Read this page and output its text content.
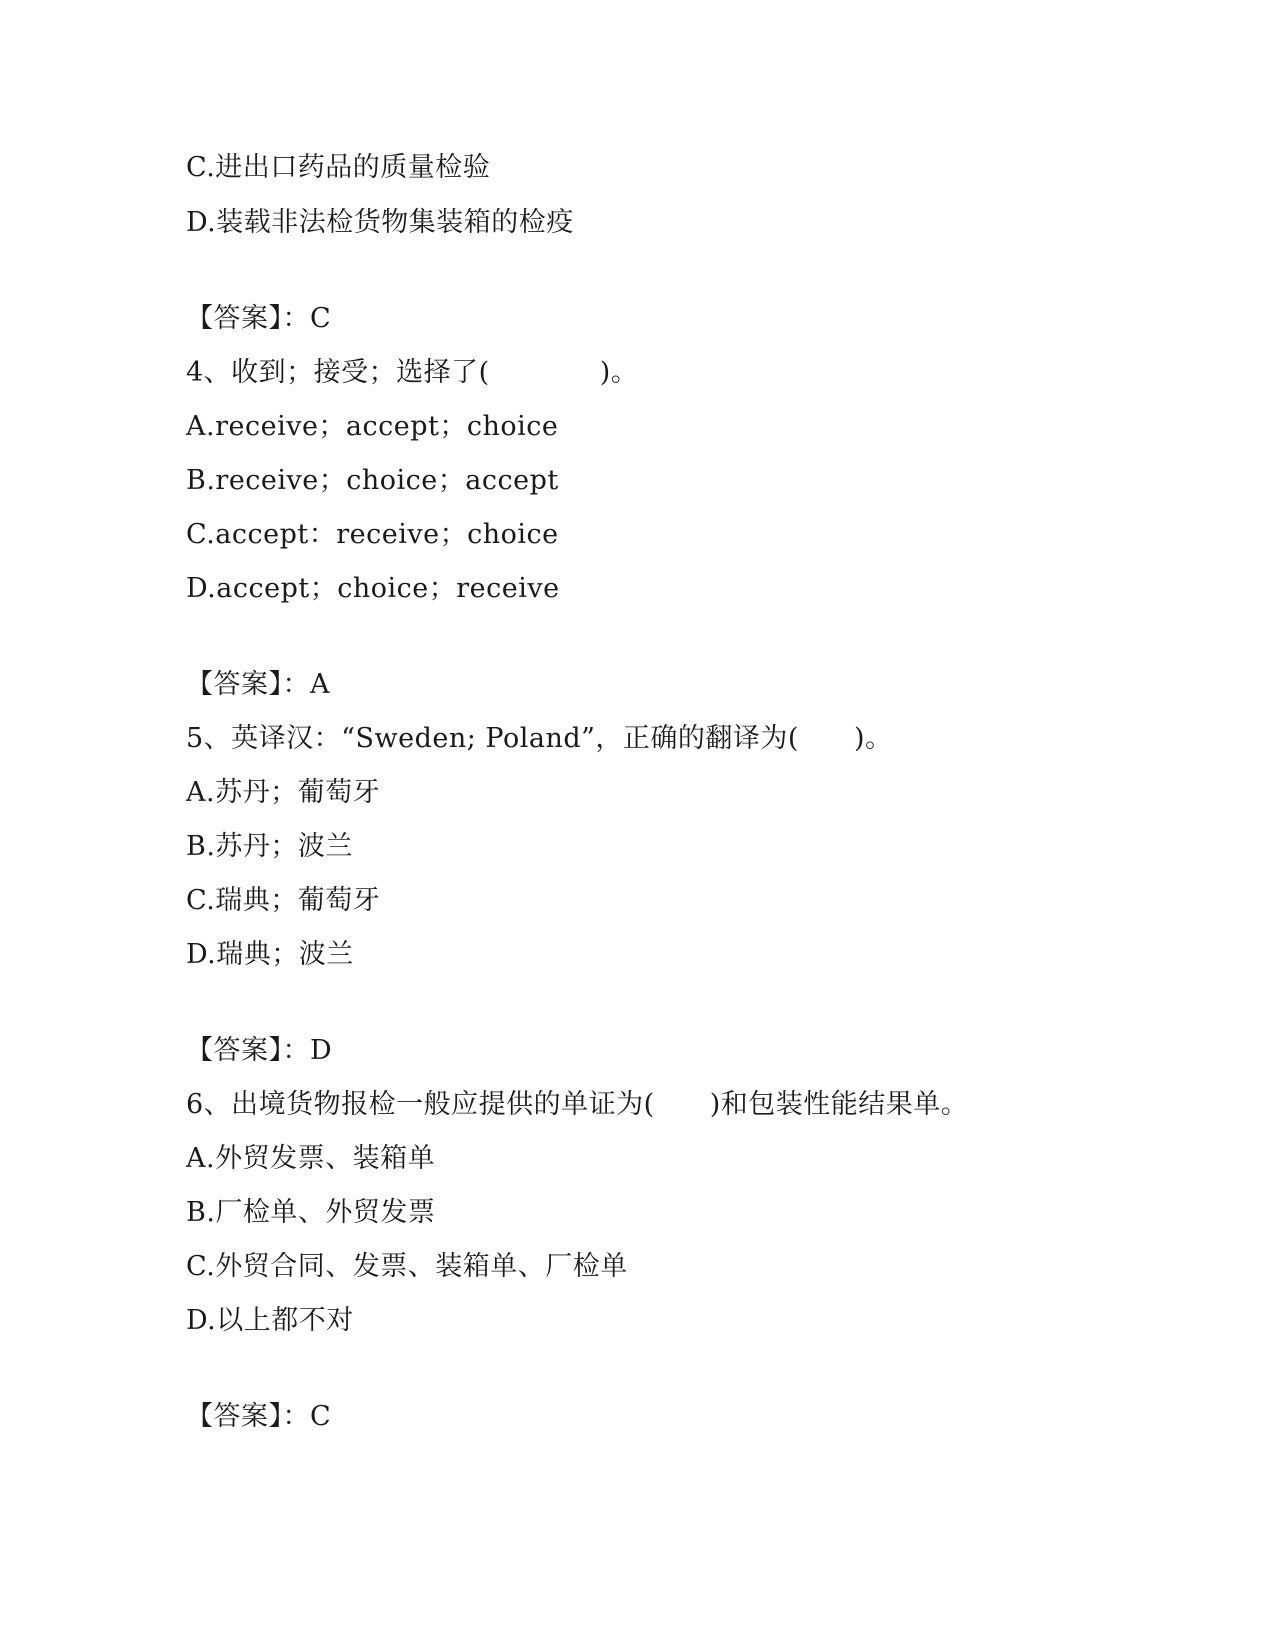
C.进出口药品的质量检验
D.装载非法检货物集装箱的检疫
【答案】：C
4、收到；接受；选择了(　　　　)。
A.receive；accept；choice
B.receive；choice；accept
C.accept：receive；choice
D.accept；choice；receive
【答案】：A
5、英译汉：“Sweden; Poland”，正确的翻译为(　　)。
A.苏丹；葡萄牙
B.苏丹；波兰
C.瑞典；葡萄牙
D.瑞典；波兰
【答案】：D
6、出境货物报检一般应提供的单证为(　　)和包装性能结果单。
A.外贸发票、装箱单
B.厂检单、外贸发票
C.外贸合同、发票、装箱单、厂检单
D.以上都不对
【答案】：C
